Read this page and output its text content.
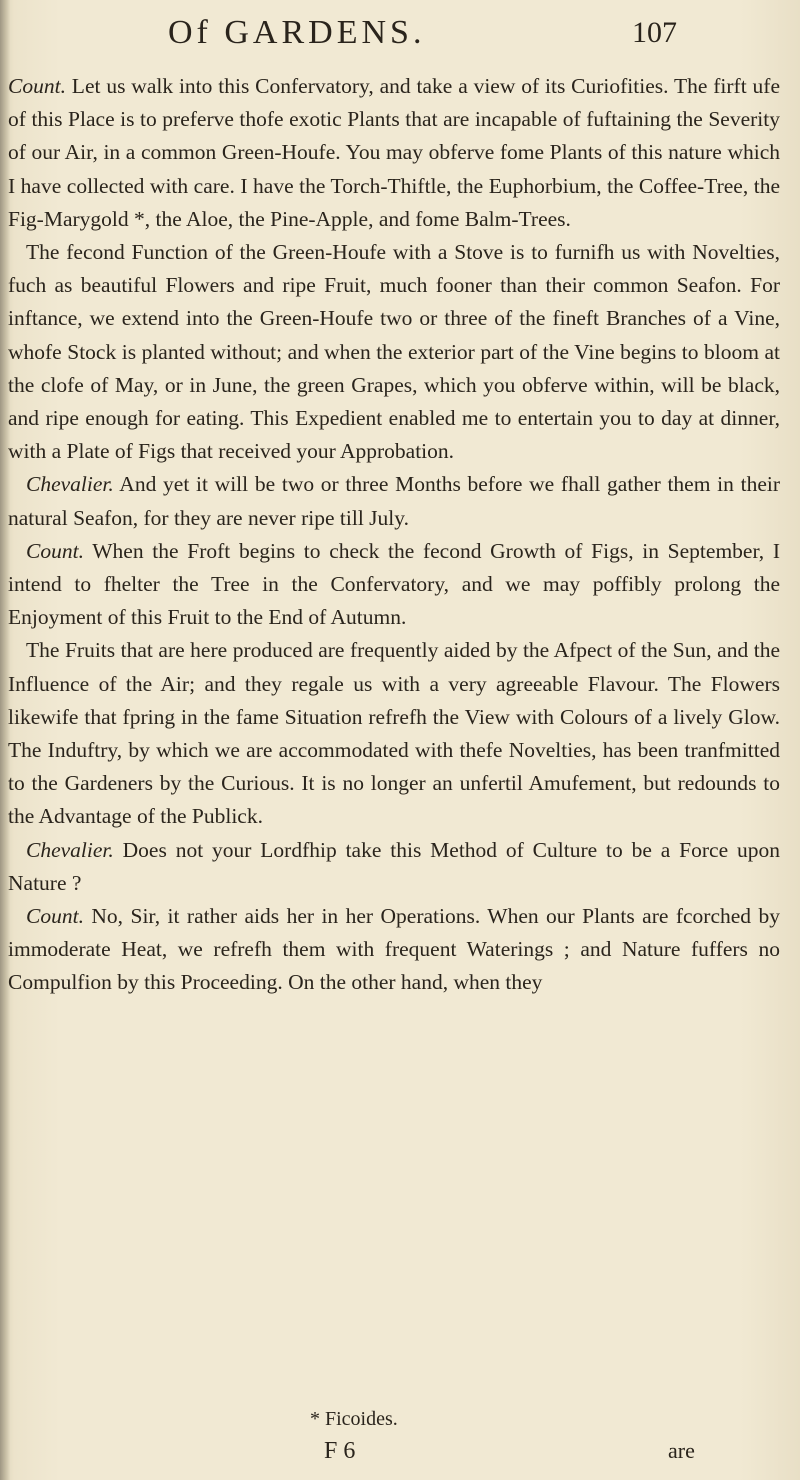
Of GARDENS.	107

Count. Let us walk into this Confervatory, and take a view of its Curiofities. The firft ufe of this Place is to preferve thofe exotic Plants that are incapable of fuftaining the Severity of our Air, in a common Green-Houfe. You may obferve fome Plants of this nature which I have collected with care. I have the Torch-Thiftle, the Euphorbium, the Coffee-Tree, the Fig-Marygold *, the Aloe, the Pine-Apple, and fome Balm-Trees.

The fecond Function of the Green-Houfe with a Stove is to furnifh us with Novelties, fuch as beautiful Flowers and ripe Fruit, much fooner than their common Seafon. For inftance, we extend into the Green-Houfe two or three of the fineft Branches of a Vine, whofe Stock is planted without; and when the exterior part of the Vine begins to bloom at the clofe of May, or in June, the green Grapes, which you obferve within, will be black, and ripe enough for eating. This Expedient enabled me to entertain you to day at dinner, with a Plate of Figs that received your Approbation.

Chevalier. And yet it will be two or three Months before we fhall gather them in their natural Seafon, for they are never ripe till July.

Count. When the Froft begins to check the fecond Growth of Figs, in September, I intend to fhelter the Tree in the Confervatory, and we may poffibly prolong the Enjoyment of this Fruit to the End of Autumn.

The Fruits that are here produced are frequently aided by the Afpect of the Sun, and the Influence of the Air; and they regale us with a very agreeable Flavour. The Flowers likewife that fpring in the fame Situation refrefh the View with Colours of a lively Glow. The Induftry, by which we are accommodated with thefe Novelties, has been tranfmitted to the Gardeners by the Curious. It is no longer an unfertil Amufement, but redounds to the Advantage of the Publick.

Chevalier. Does not your Lordfhip take this Method of Culture to be a Force upon Nature ?

Count. No, Sir, it rather aids her in her Operations. When our Plants are fcorched by immoderate Heat, we refrefh them with frequent Waterings ; and Nature fuffers no Compulfion by this Proceeding. On the other hand, when they

* Ficoides.
F 6	are
